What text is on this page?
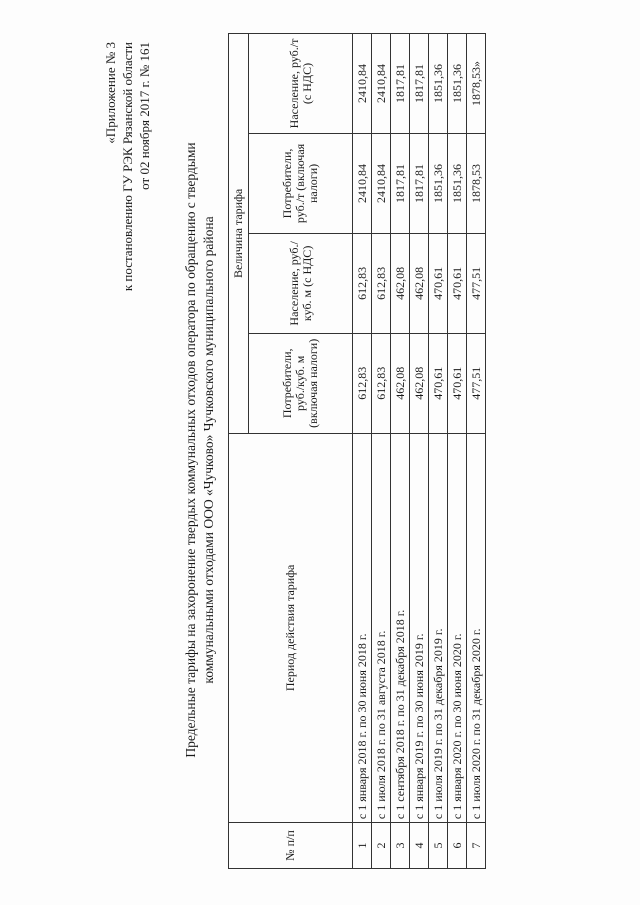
«Приложение № 3 к постановлению ГУ РЭК Рязанской области от 02 ноября 2017 г. № 161
Предельные тарифы на захоронение твердых коммунальных отходов оператора по обращению с твердыми коммунальными отходами ООО «Чучково» Чучковского муниципального района
№ п/п	Период действия тарифа	Величина тарифа			
		Потребители, руб./куб. м (включая налоги)	Население, руб./куб. м (с НДС)	Потребители, руб./т (включая налоги)	Население, руб./т (с НДС)
1	с 1 января 2018 г. по 30 июня 2018 г.	612,83	612,83	2410,84	2410,84
2	с 1 июля 2018 г. по 31 августа 2018 г.	612,83	612,83	2410,84	2410,84
3	с 1 сентября 2018 г. по 31 декабря 2018 г.	462,08	462,08	1817,81	1817,81
4	с 1 января 2019 г. по 30 июня 2019 г.	462,08	462,08	1817,81	1817,81
5	с 1 июля 2019 г. по 31 декабря 2019 г.	470,61	470,61	1851,36	1851,36
6	с 1 января 2020 г. по 30 июня 2020 г.	470,61	470,61	1851,36	1851,36
7	с 1 июля 2020 г. по 31 декабря 2020 г.	477,51	477,51	1878,53	1878,53»
